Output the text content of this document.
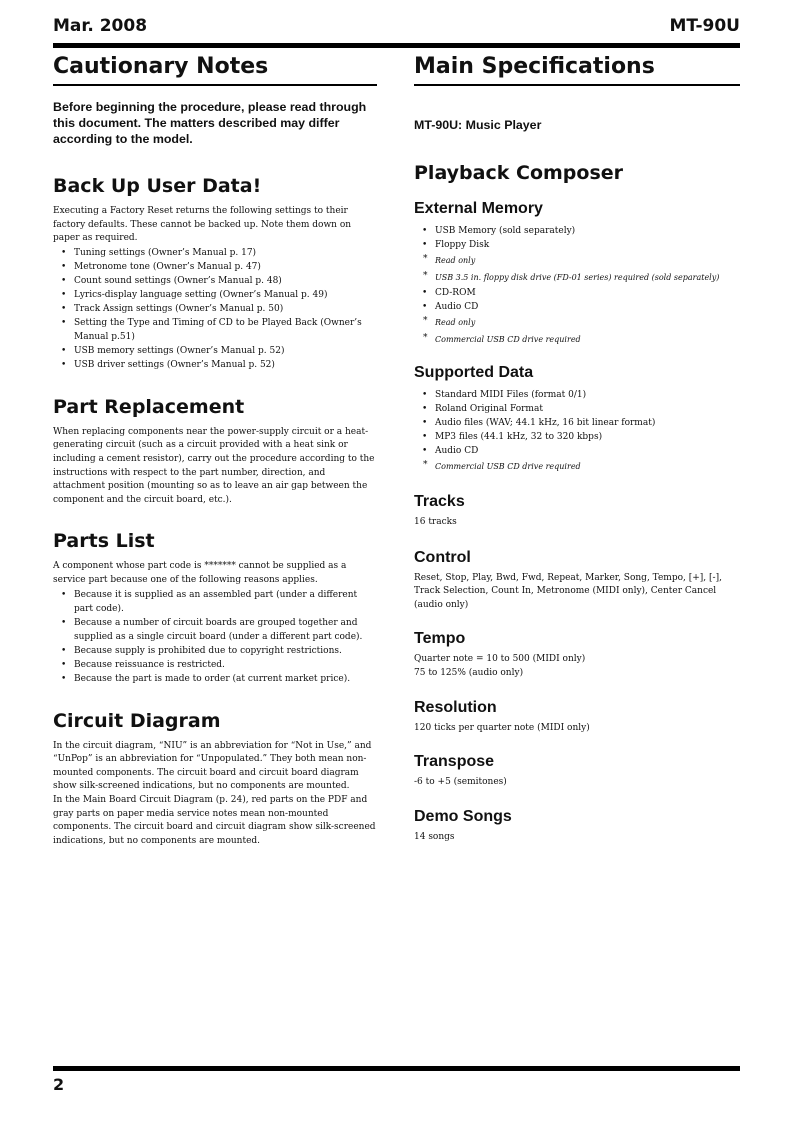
Mar. 2008	MT-90U
Cautionary Notes

Before beginning the procedure, please read through this document. The matters described may differ according to the model.

Back Up User Data!

Executing a Factory Reset returns the following settings to their factory defaults. These cannot be backed up. Note them down on paper as required.

• Tuning settings (Owner’s Manual p. 17)
• Metronome tone (Owner’s Manual p. 47)
• Count sound settings (Owner’s Manual p. 48)
• Lyrics-display language setting (Owner’s Manual p. 49)
• Track Assign settings (Owner’s Manual p. 50)
• Setting the Type and Timing of CD to be Played Back (Owner’s Manual p.51)
• USB memory settings (Owner’s Manual p. 52)
• USB driver settings (Owner’s Manual p. 52)
Part Replacement

When replacing components near the power-supply circuit or a heat-generating circuit (such as a circuit provided with a heat sink or including a cement resistor), carry out the procedure according to the instructions with respect to the part number, direction, and attachment position (mounting so as to leave an air gap between the component and the circuit board, etc.).

Parts List

A component whose part code is ******* cannot be supplied as a service part because one of the following reasons applies.

• Because it is supplied as an assembled part (under a different part code).
• Because a number of circuit boards are grouped together and supplied as a single circuit board (under a different part code).
• Because supply is prohibited due to copyright restrictions.
• Because reissuance is restricted.
• Because the part is made to order (at current market price).
Circuit Diagram

In the circuit diagram, “NIU” is an abbreviation for “Not in Use,” and “UnPop” is an abbreviation for “Unpopulated.” They both mean non-mounted components. The circuit board and circuit board diagram show silk-screened indications, but no components are mounted.

In the Main Board Circuit Diagram (p. 24), red parts on the PDF and gray parts on paper media service notes mean non-mounted components. The circuit board and circuit diagram show silk-screened indications, but no components are mounted.

Main Specifications

MT-90U: Music Player

Playback Composer
External Memory
• USB Memory (sold separately)
• Floppy Disk
* Read only
* USB 3.5 in. floppy disk drive (FD-01 series) required (sold separately)
• CD-ROM
• Audio CD
* Read only
* Commercial USB CD drive required
Supported Data
• Standard MIDI Files (format 0/1)
• Roland Original Format
• Audio files (WAV; 44.1 kHz, 16 bit linear format)
• MP3 files (44.1 kHz, 32 to 320 kbps)
• Audio CD
* Commercial USB CD drive required
Tracks
16 tracks
Control
Reset, Stop, Play, Bwd, Fwd, Repeat, Marker, Song, Tempo, [+], [-], Track Selection, Count In, Metronome (MIDI only), Center Cancel (audio only)
Tempo

Quarter note = 10 to 500 (MIDI only)

75 to 125% (audio only)

Resolution
120 ticks per quarter note (MIDI only)
Transpose
-6 to +5 (semitones)
Demo Songs
14 songs
2
